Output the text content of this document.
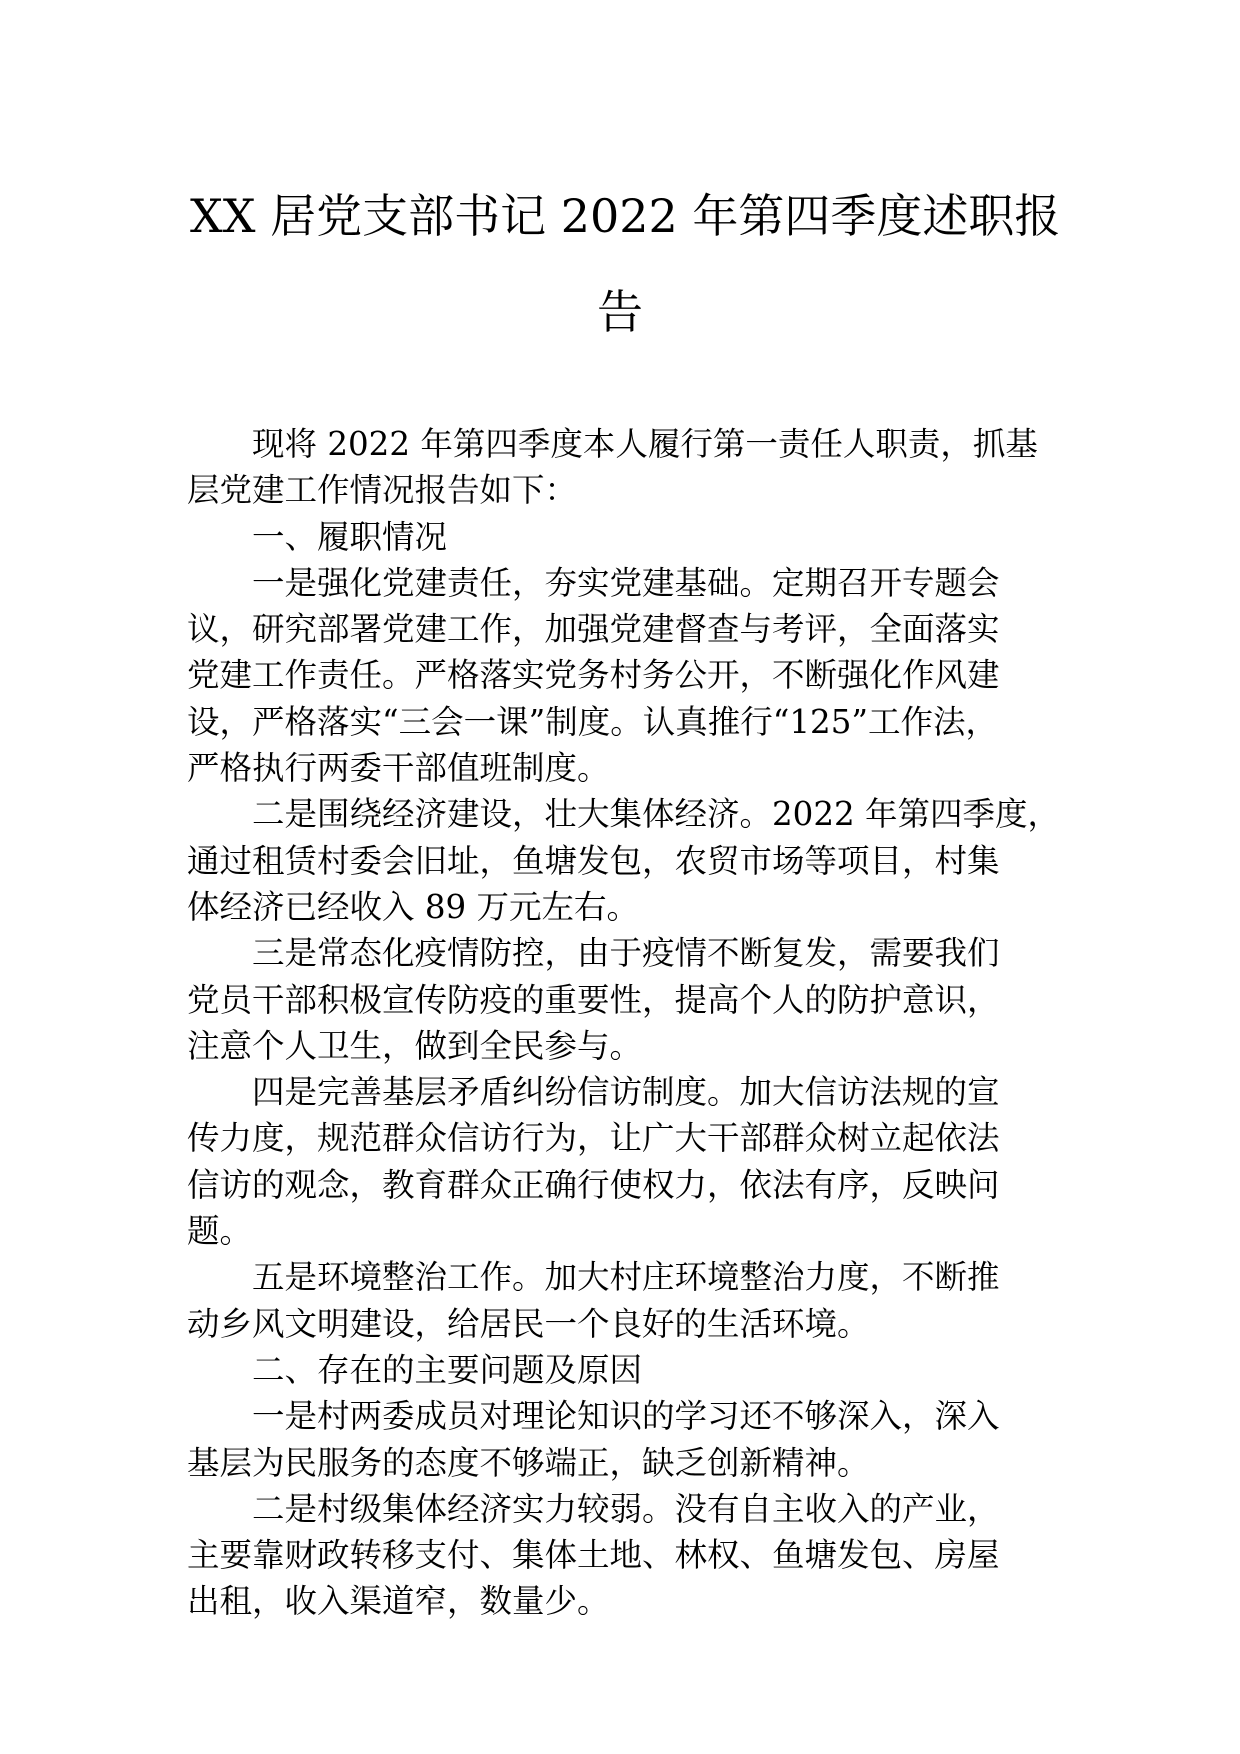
XX 居党支部书记 2022 年第四季度述职报
告

现将 2022 年第四季度本人履行第一责任人职责，抓基
层党建工作情况报告如下：

一、履职情况

一是强化党建责任，夯实党建基础。定期召开专题会
议，研究部署党建工作，加强党建督查与考评，全面落实
党建工作责任。严格落实党务村务公开，不断强化作风建
设，严格落实“三会一课”制度。认真推行“125”工作法，
严格执行两委干部值班制度。

二是围绕经济建设，壮大集体经济。2022 年第四季度，
通过租赁村委会旧址，鱼塘发包，农贸市场等项目，村集
体经济已经收入 89 万元左右。

三是常态化疫情防控，由于疫情不断复发，需要我们
党员干部积极宣传防疫的重要性，提高个人的防护意识，
注意个人卫生，做到全民参与。

四是完善基层矛盾纠纷信访制度。加大信访法规的宣
传力度，规范群众信访行为，让广大干部群众树立起依法
信访的观念，教育群众正确行使权力，依法有序，反映问
题。

五是环境整治工作。加大村庄环境整治力度，不断推
动乡风文明建设，给居民一个良好的生活环境。

二、存在的主要问题及原因

一是村两委成员对理论知识的学习还不够深入，深入
基层为民服务的态度不够端正，缺乏创新精神。

二是村级集体经济实力较弱。没有自主收入的产业，
主要靠财政转移支付、集体土地、林权、鱼塘发包、房屋
出租，收入渠道窄，数量少。
